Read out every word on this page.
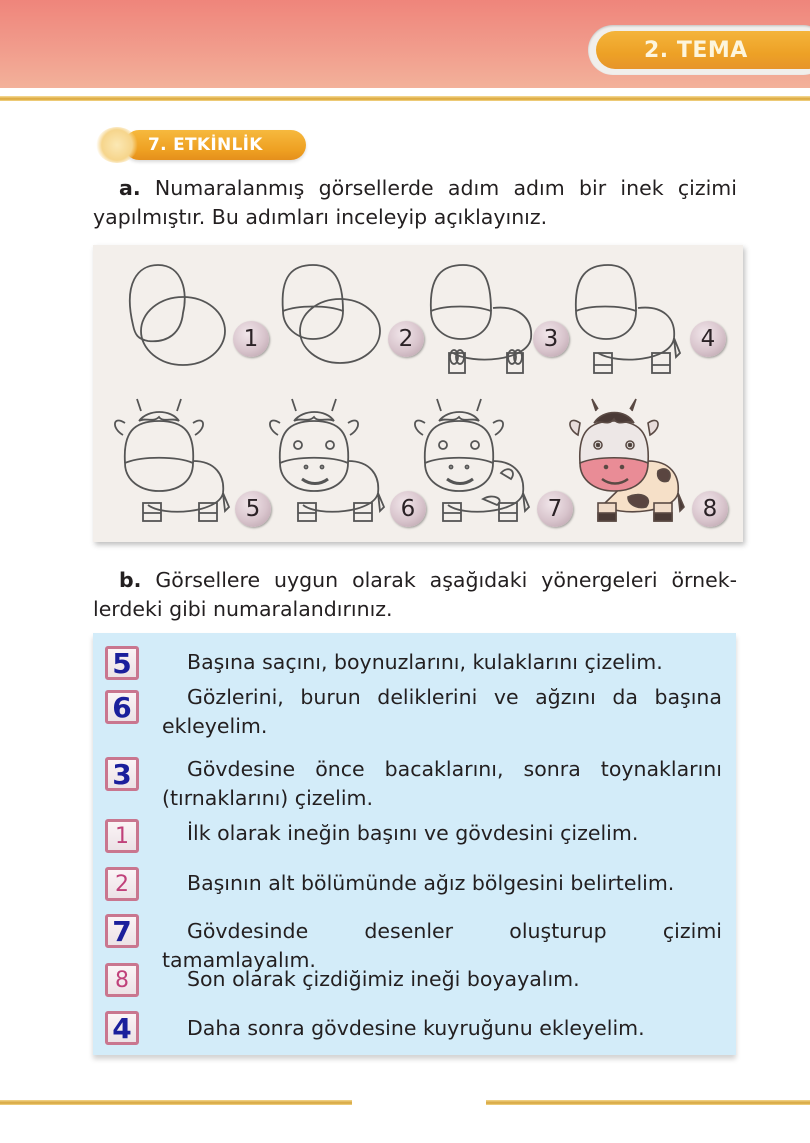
2. TEMA
7. ETKİNLİK
a. Numaralanmış görsellerde adım adım bir inek çizimi yapılmıştır. Bu adımları inceleyip açıklayınız.
1	2	3	4
5	6	7	8
b. Görsellere uygun olarak aşağıdaki yönergeleri örnek-lerdeki gibi numaralandırınız.
5	Başına saçını, boynuzlarını, kulaklarını çizelim.
6	Gözlerini, burun deliklerini ve ağzını da başına ekleyelim.
3	Gövdesine önce bacaklarını, sonra toynaklarını (tırnaklarını) çizelim.
1	İlk olarak ineğin başını ve gövdesini çizelim.
2	Başının alt bölümünde ağız bölgesini belirtelim.
7	Gövdesinde desenler oluşturup çizimi tamamlayalım.
8	Son olarak çizdiğimiz ineği boyayalım.
4	Daha sonra gövdesine kuyruğunu ekleyelim.
